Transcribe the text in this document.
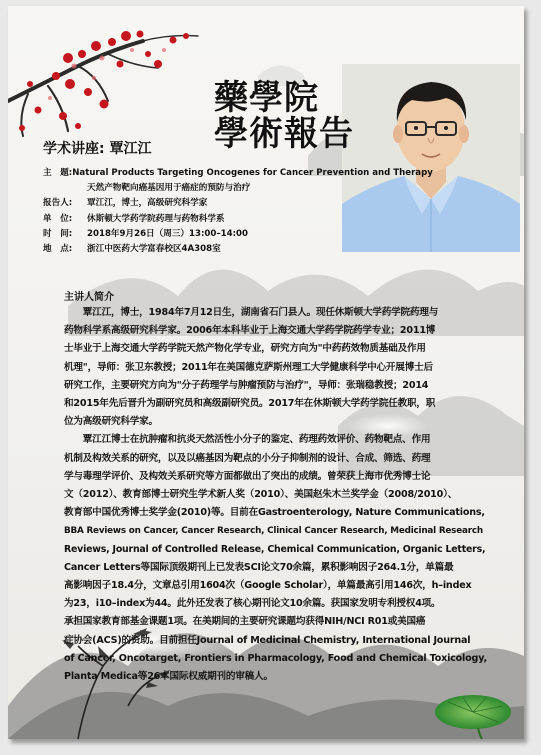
藥學院
學術報告
学术讲座: 覃江江
主　题: Natural Products Targeting Oncogenes for Cancer Prevention and Therapy
天然产物靶向癌基因用于癌症的预防与治疗
报告人:	覃江江，博士，高级研究科学家
单　位:	休斯顿大学药学院药理与药物科学系
时　间:	2018年9月26日（周三）13:00–14:00
地　点:	浙江中医药大学富春校区4A308室
主讲人简介
　　覃江江，博士，1984年7月12日生，湖南省石门县人。现任休斯顿大学药学院药理与
药物科学系高级研究科学家。2006年本科毕业于上海交通大学药学院药学专业；2011博
士毕业于上海交通大学药学院天然产物化学专业，研究方向为"中药药效物质基础及作用
机理"，导师：张卫东教授；2011年在美国德克萨斯州理工大学健康科学中心开展博士后
研究工作，主要研究方向为"分子药理学与肿瘤预防与治疗"，导师：张瑞稳教授；2014
和2015年先后晋升为副研究员和高级副研究员。2017年在休斯顿大学药学院任教职，职
位为高级研究科学家。
　　覃江江博士在抗肿瘤和抗炎天然活性小分子的鉴定、药理药效评价、药物靶点、作用
机制及构效关系的研究，以及以癌基因为靶点的小分子抑制剂的设计、合成、筛选、药理
学与毒理学评价、及构效关系研究等方面都做出了突出的成绩。曾荣获上海市优秀博士论
文（2012）、教育部博士研究生学术新人奖（2010）、美国赵朱木兰奖学金（2008/2010）、
教育部中国优秀博士奖学金(2010)等。目前在Gastroenterology, Nature Communications,
BBA Reviews on Cancer, Cancer Research, Clinical Cancer Research, Medicinal Research
Reviews, Journal of Controlled Release, Chemical Communication, Organic Letters,
Cancer Letters等国际顶级期刊上已发表SCI论文70余篇，累积影响因子264.1分，单篇最
高影响因子18.4分，文章总引用1604次（Google Scholar），单篇最高引用146次，h–index
为23，i10–index为44。此外还发表了核心期刊论文10余篇。获国家发明专利授权4项。
承担国家教育部基金课题1项。在美期间的主要研究课题均获得NIH/NCI R01或美国癌
症协会(ACS)的资助。目前担任Journal of Medicinal Chemistry, International Journal
of Cancer, Oncotarget, Frontiers in Pharmacology, Food and Chemical Toxicology,
Planta Medica等26本国际权威期刊的审稿人。
